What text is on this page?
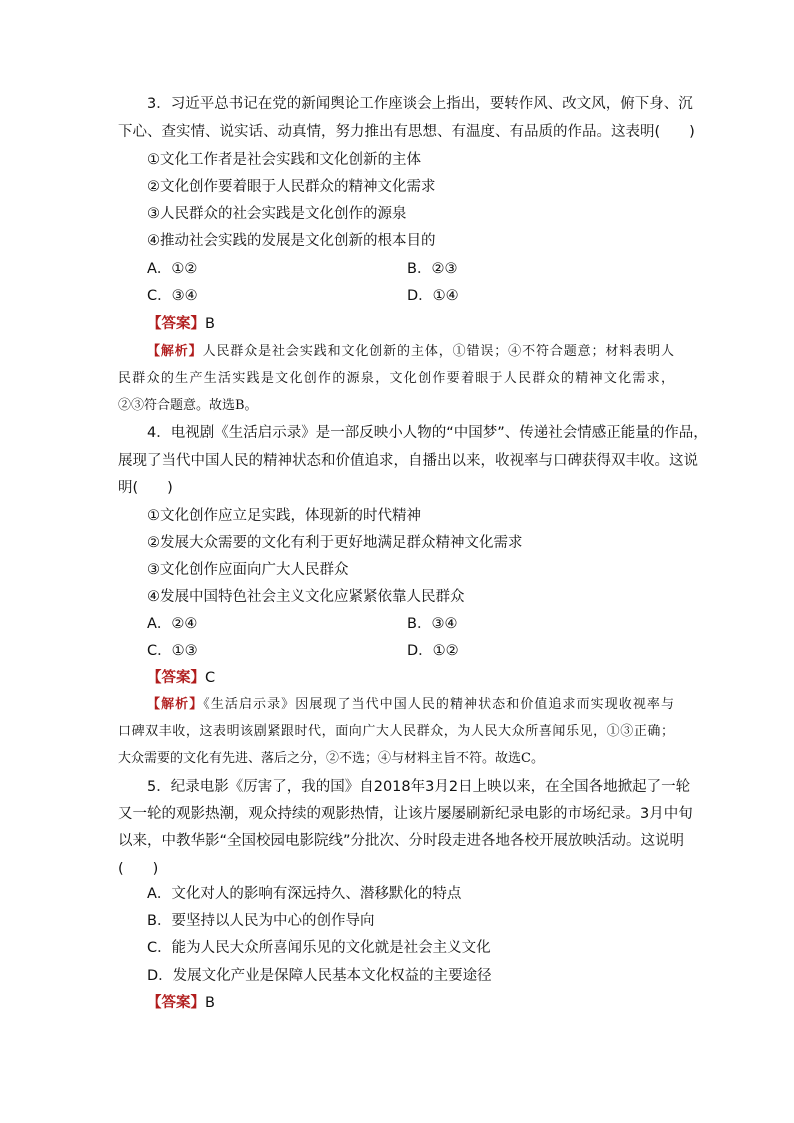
3．习近平总书记在党的新闻舆论工作座谈会上指出，要转作风、改文风，俯下身、沉
下心、查实情、说实话、动真情，努力推出有思想、有温度、有品质的作品。这表明(　　)
①文化工作者是社会实践和文化创新的主体
②文化创作要着眼于人民群众的精神文化需求
③人民群众的社会实践是文化创作的源泉
④推动社会实践的发展是文化创新的根本目的
A．①②	B．②③
C．③④	D．①④
【答案】B
【解析】人民群众是社会实践和文化创新的主体，①错误；④不符合题意；材料表明人
民群众的生产生活实践是文化创作的源泉，文化创作要着眼于人民群众的精神文化需求，
②③符合题意。故选B。
4．电视剧《生活启示录》是一部反映小人物的“中国梦”、传递社会情感正能量的作品，
展现了当代中国人民的精神状态和价值追求，自播出以来，收视率与口碑获得双丰收。这说
明(　　)
①文化创作应立足实践，体现新的时代精神
②发展大众需要的文化有利于更好地满足群众精神文化需求
③文化创作应面向广大人民群众
④发展中国特色社会主义文化应紧紧依靠人民群众
A．②④	B．③④
C．①③	D．①②
【答案】C
【解析】《生活启示录》因展现了当代中国人民的精神状态和价值追求而实现收视率与
口碑双丰收，这表明该剧紧跟时代，面向广大人民群众，为人民大众所喜闻乐见，①③正确；
大众需要的文化有先进、落后之分，②不选；④与材料主旨不符。故选C。
5．纪录电影《厉害了，我的国》自2018年3月2日上映以来，在全国各地掀起了一轮
又一轮的观影热潮，观众持续的观影热情，让该片屡屡刷新纪录电影的市场纪录。3月中旬
以来，中教华影“全国校园电影院线”分批次、分时段走进各地各校开展放映活动。这说明
(　　)
A．文化对人的影响有深远持久、潜移默化的特点
B．要坚持以人民为中心的创作导向
C．能为人民大众所喜闻乐见的文化就是社会主义文化
D．发展文化产业是保障人民基本文化权益的主要途径
【答案】B
